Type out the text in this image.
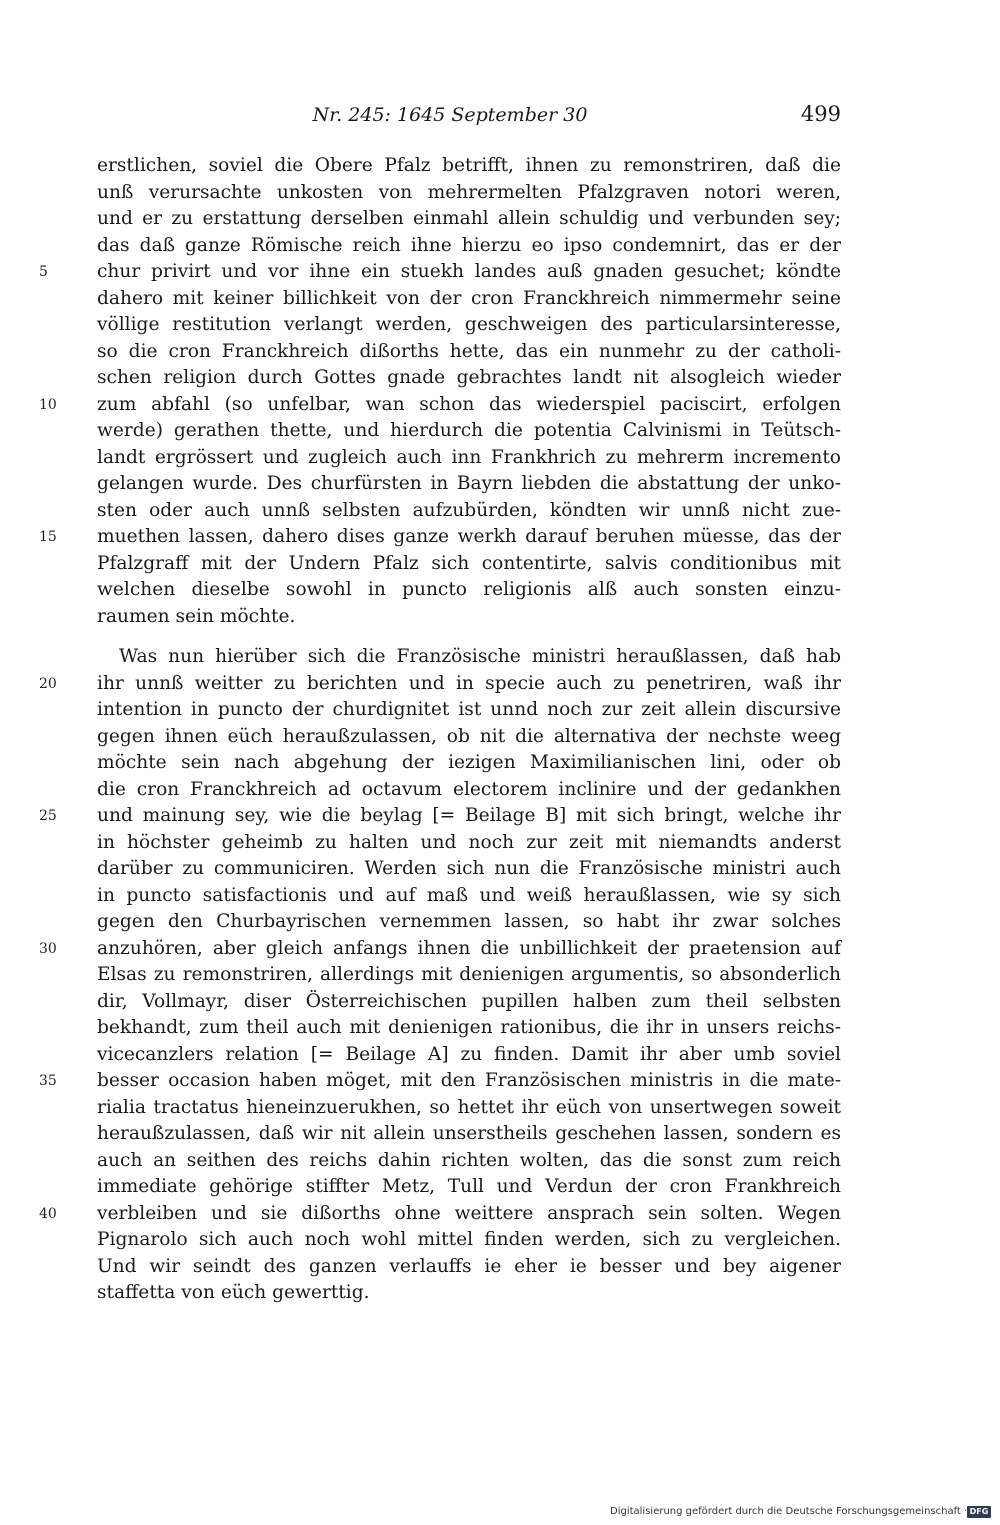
Nr. 245: 1645 September 30	499
erstlichen, soviel die Obere Pfalz betrifft, ihnen zu remonstriren, daß die
unß verursachte unkosten von mehrermelten Pfalzgraven notori weren,
und er zu erstattung derselben einmahl allein schuldig und verbunden sey;
das daß ganze Römische reich ihne hierzu eo ipso condemnirt, das er der
5	chur privirt und vor ihne ein stuekh landes auß gnaden gesuchet; köndte
dahero mit keiner billichkeit von der cron Franckhreich nimmermehr seine
völlige restitution verlangt werden, geschweigen des particularsinteresse,
so die cron Franckhreich dißorths hette, das ein nunmehr zu der catholi-
schen religion durch Gottes gnade gebrachtes landt nit alsogleich wieder
10	zum abfahl (so unfelbar, wan schon das wiederspiel paciscirt, erfolgen
werde) gerathen thette, und hierdurch die potentia Calvinismi in Teütsch-
landt ergrössert und zugleich auch inn Frankhrich zu mehrerm incremento
gelangen wurde. Des churfürsten in Bayrn liebden die abstattung der unko-
sten oder auch unnß selbsten aufzubürden, köndten wir unnß nicht zue-
15	muethen lassen, dahero dises ganze werkh darauf beruhen müesse, das der
Pfalzgraff mit der Undern Pfalz sich contentirte, salvis conditionibus mit
welchen dieselbe sowohl in puncto religionis alß auch sonsten einzu-
raumen sein möchte.
Was nun hierüber sich die Französische ministri heraußlassen, daß hab
20	ihr unnß weitter zu berichten und in specie auch zu penetriren, waß ihr
intention in puncto der churdignitet ist unnd noch zur zeit allein discursive
gegen ihnen eüch heraußzulassen, ob nit die alternativa der nechste weeg
möchte sein nach abgehung der iezigen Maximilianischen lini, oder ob
die cron Franckhreich ad octavum electorem inclinire und der gedankhen
25	und mainung sey, wie die beylag [= Beilage B] mit sich bringt, welche ihr
in höchster geheimb zu halten und noch zur zeit mit niemandts anderst
darüber zu communiciren. Werden sich nun die Französische ministri auch
in puncto satisfactionis und auf maß und weiß heraußlassen, wie sy sich
gegen den Churbayrischen vernemmen lassen, so habt ihr zwar solches
30	anzuhören, aber gleich anfangs ihnen die unbillichkeit der praetension auf
Elsas zu remonstriren, allerdings mit denienigen argumentis, so absonderlich
dir, Vollmayr, diser Österreichischen pupillen halben zum theil selbsten
bekhandt, zum theil auch mit denienigen rationibus, die ihr in unsers reichs-
vicecanzlers relation [= Beilage A] zu finden. Damit ihr aber umb soviel
35	besser occasion haben möget, mit den Französischen ministris in die mate-
rialia tractatus hieneinzuerukhen, so hettet ihr eüch von unsertwegen soweit
heraußzulassen, daß wir nit allein unserstheils geschehen lassen, sondern es
auch an seithen des reichs dahin richten wolten, das die sonst zum reich
immediate gehörige stiffter Metz, Tull und Verdun der cron Frankhreich
40	verbleiben und sie dißorths ohne weittere ansprach sein solten. Wegen
Pignarolo sich auch noch wohl mittel finden werden, sich zu vergleichen.
Und wir seindt des ganzen verlauffs ie eher ie besser und bey aigener
staffetta von eüch gewerttig.
Digitalisierung gefördert durch die Deutsche Forschungsgemeinschaft · DFG
